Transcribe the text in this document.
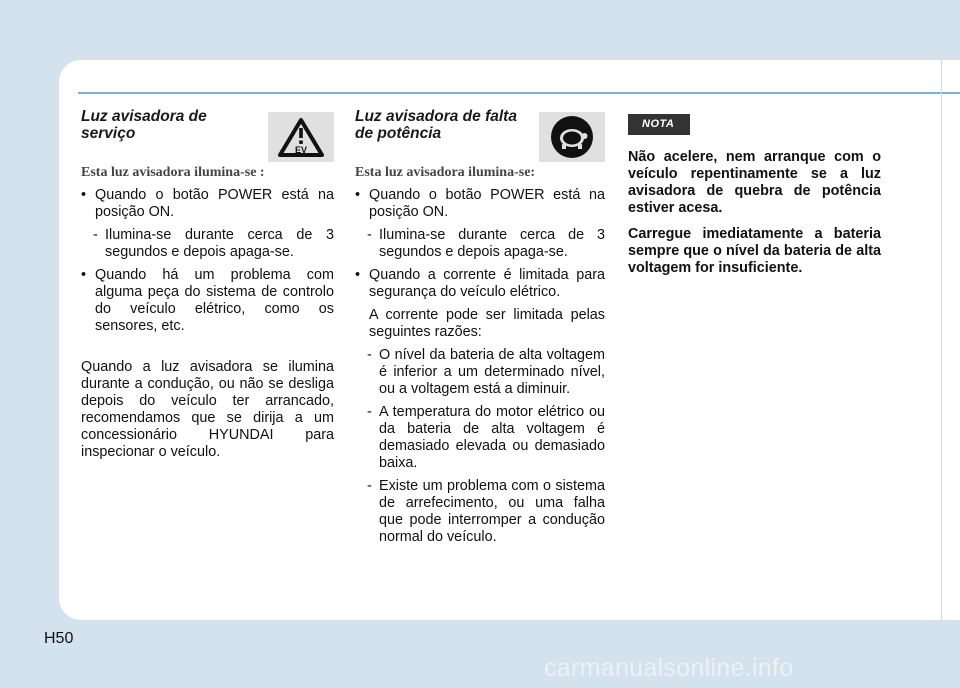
Luz avisadora de serviço
EV

Esta luz avisadora ilumina-se :

• Quando o botão POWER está na posição ON.
- Ilumina-se durante cerca de 3 segundos e depois apaga-se.
• Quando há um problema com alguma peça do sistema de controlo do veículo elétrico, como os sensores, etc.

Quando a luz avisadora se ilumina durante a condução, ou não se desliga depois do veículo ter arrancado, recomendamos que se dirija a um concessionário HYUNDAI para inspecionar o veículo.

Luz avisadora de falta de potência

Esta luz avisadora ilumina-se:

• Quando o botão POWER está na posição ON.
- Ilumina-se durante cerca de 3 segundos e depois apaga-se.
• Quando a corrente é limitada para segurança do veículo elétrico.
A corrente pode ser limitada pelas seguintes razões:
- O nível da bateria de alta voltagem é inferior a um determinado nível, ou a voltagem está a diminuir.
- A temperatura do motor elétrico ou da bateria de alta voltagem é demasiado elevada ou demasiado baixa.
- Existe um problema com o sistema de arrefecimento, ou uma falha que pode interromper a condução normal do veículo.
NOTA

Não acelere, nem arranque com o veículo repentinamente se a luz avisadora de quebra de potência estiver acesa.

Carregue imediatamente a bateria sempre que o nível da bateria de alta voltagem for insuficiente.

H50
carmanualsonline.info
